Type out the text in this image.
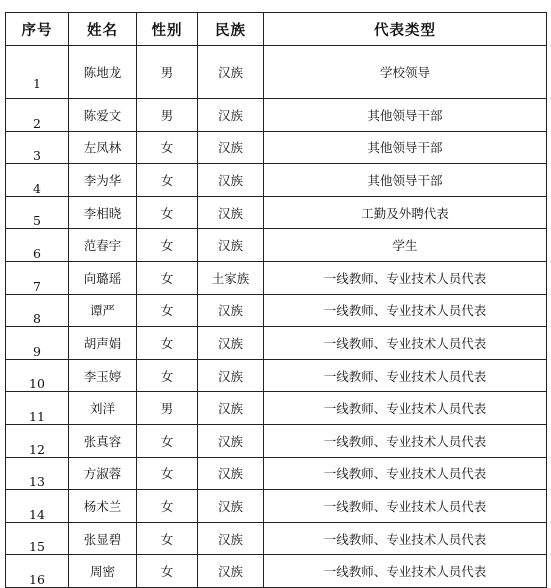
序号	姓名	性别	民族	代表类型
1	陈地龙	男	汉族	学校领导
2	陈爱文	男	汉族	其他领导干部
3	左凤林	女	汉族	其他领导干部
4	李为华	女	汉族	其他领导干部
5	李相晓	女	汉族	工勤及外聘代表
6	范春宇	女	汉族	学生
7	向璐瑶	女	土家族	一线教师、专业技术人员代表
8	谭严	女	汉族	一线教师、专业技术人员代表
9	胡声娟	女	汉族	一线教师、专业技术人员代表
10	李玉婷	女	汉族	一线教师、专业技术人员代表
11	刘洋	男	汉族	一线教师、专业技术人员代表
12	张真容	女	汉族	一线教师、专业技术人员代表
13	方淑蓉	女	汉族	一线教师、专业技术人员代表
14	杨术兰	女	汉族	一线教师、专业技术人员代表
15	张显碧	女	汉族	一线教师、专业技术人员代表
16	周密	女	汉族	一线教师、专业技术人员代表
